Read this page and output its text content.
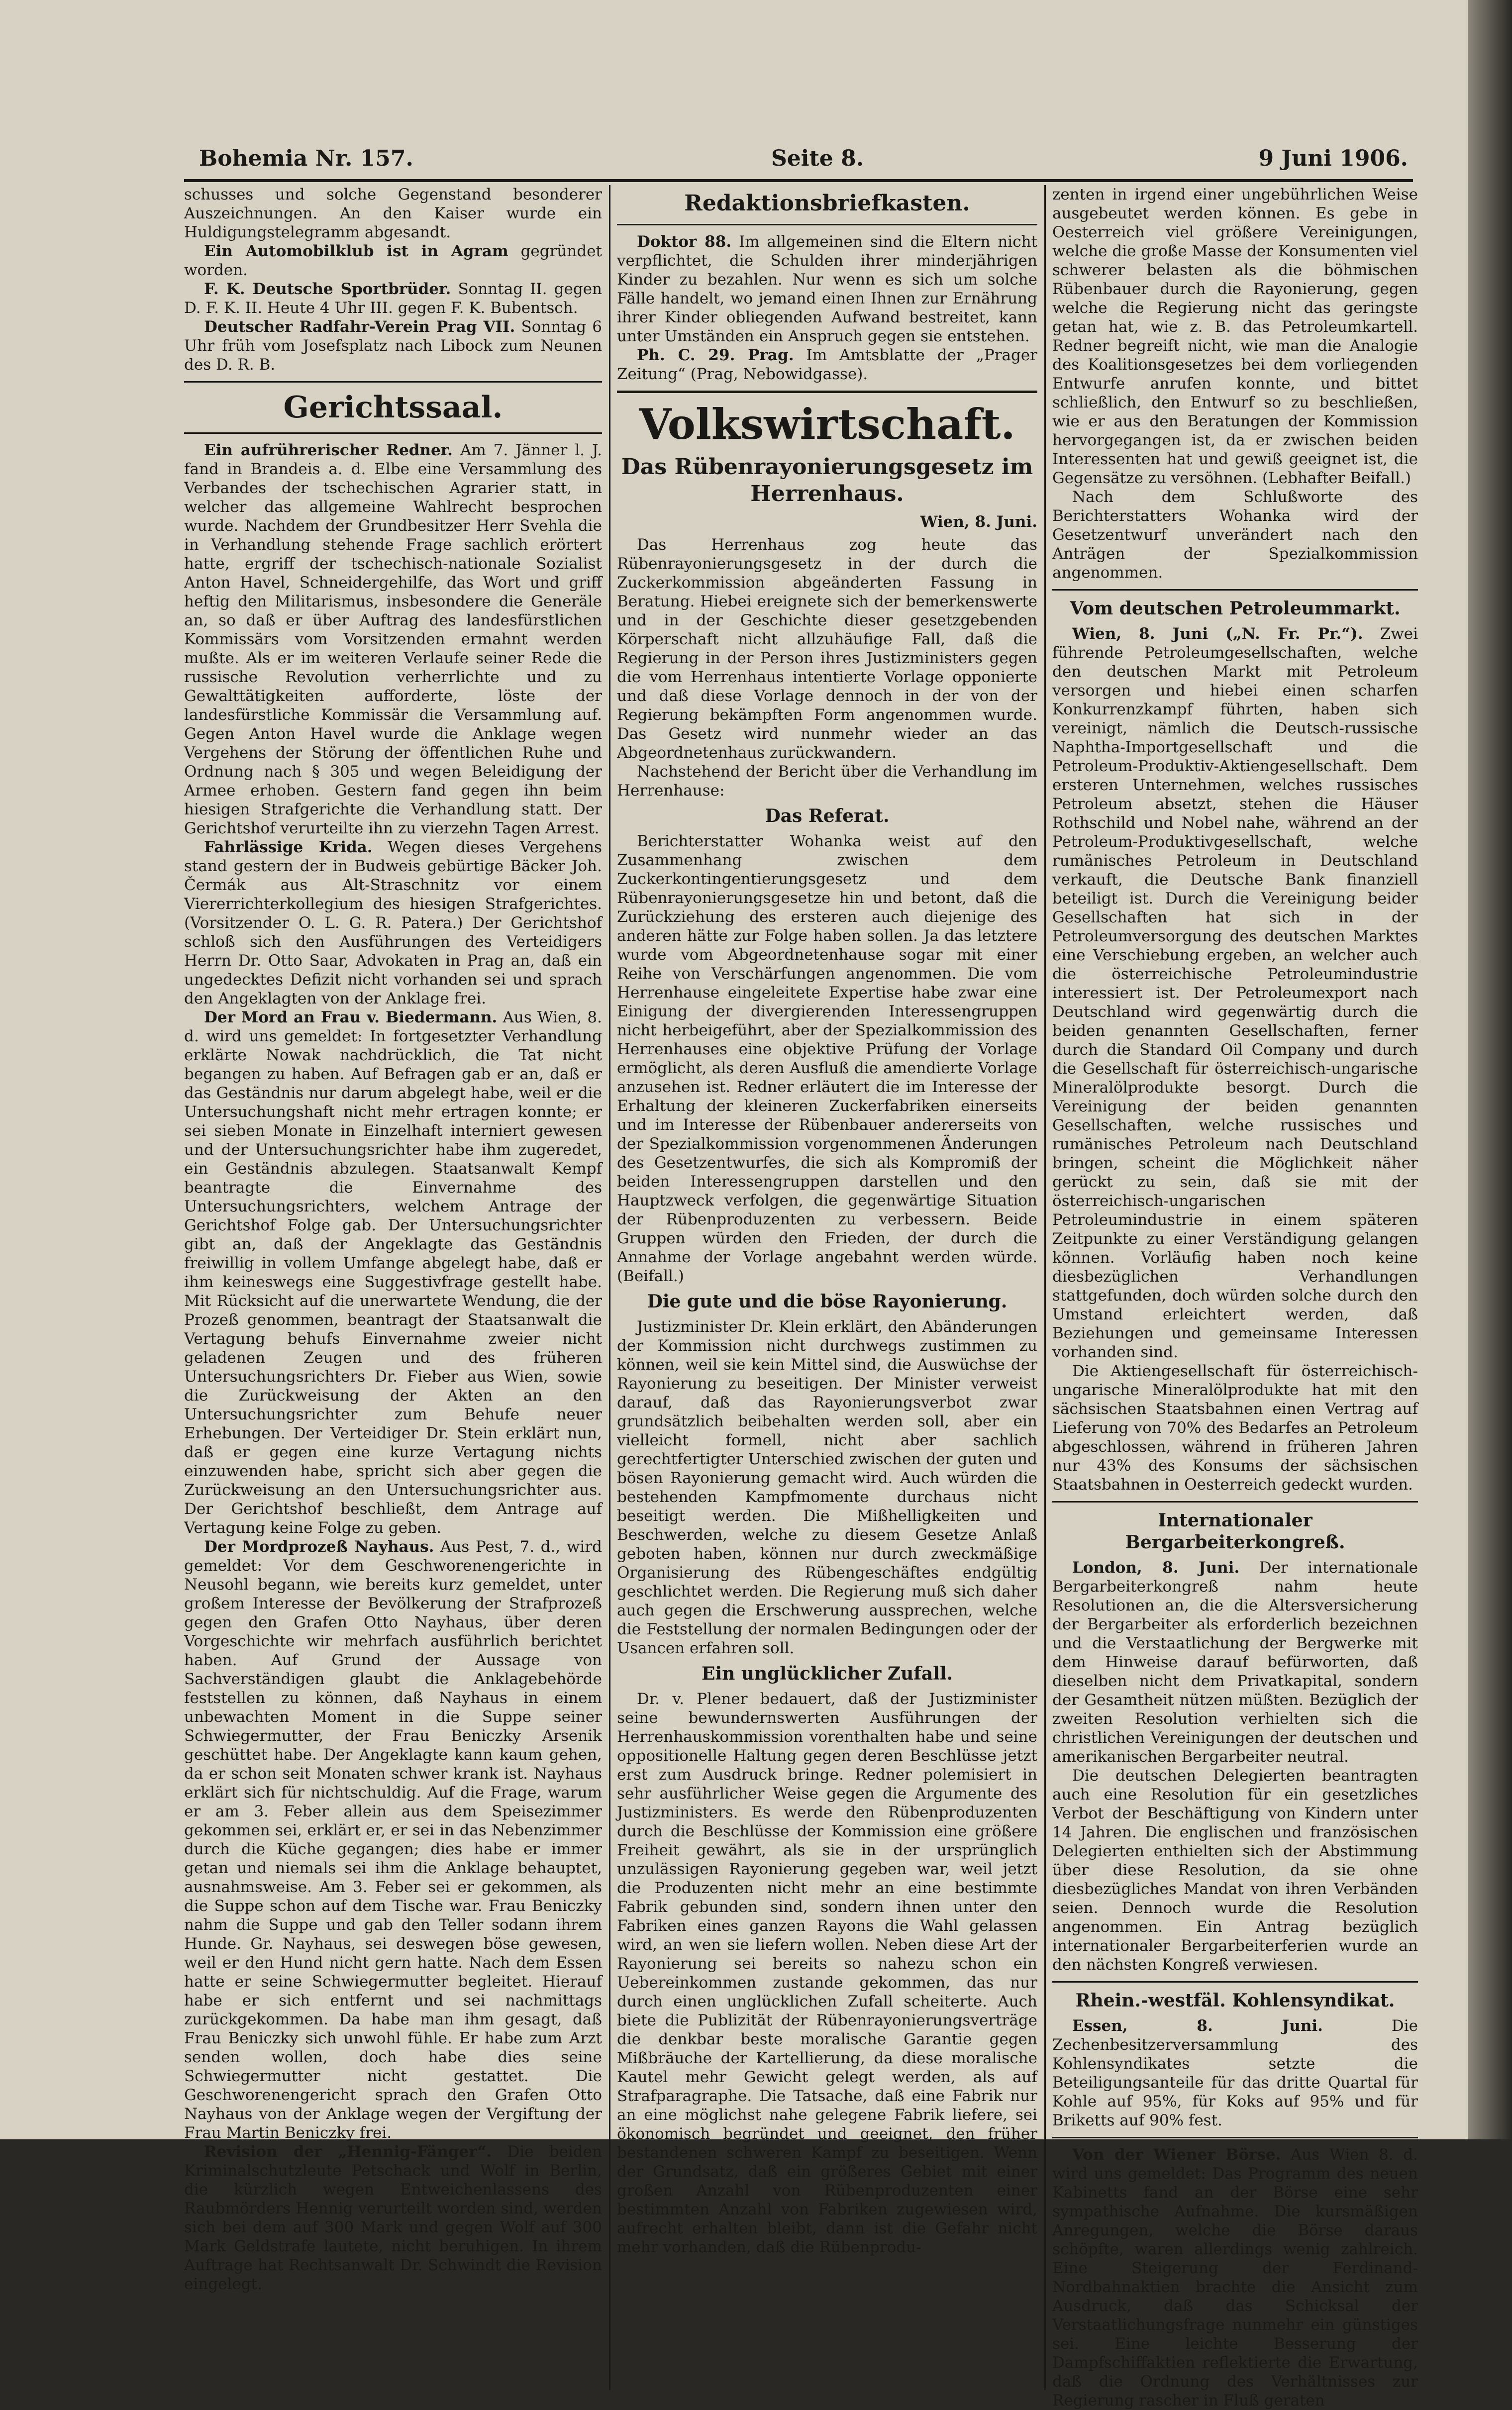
Bohemia Nr. 157.	Seite 8.	9 Juni 1906.

schusses und solche Gegenstand besonderer Auszeichnungen. An den Kaiser wurde ein Huldigungstelegramm abgesandt.

Ein Automobilklub ist in Agram gegründet worden.

F. K. Deutsche Sportbrüder. Sonntag II. gegen D. F. K. II. Heute 4 Uhr III. gegen F. K. Bubentsch.

Deutscher Radfahr-Verein Prag VII. Sonntag 6 Uhr früh vom Josefsplatz nach Libock zum Neunen des D. R. B.

Gerichtssaal.

Ein aufrührerischer Redner. Am 7. Jänner l. J. fand in Brandeis a. d. Elbe eine Versammlung des Verbandes der tschechischen Agrarier statt, in welcher das allgemeine Wahlrecht besprochen wurde. Nachdem der Grundbesitzer Herr Svehla die in Verhandlung stehende Frage sachlich erörtert hatte, ergriff der tschechisch-nationale Sozialist Anton Havel, Schneidergehilfe, das Wort und griff heftig den Militarismus, insbesondere die Generäle an, so daß er über Auftrag des landesfürstlichen Kommissärs vom Vorsitzenden ermahnt werden mußte. Als er im weiteren Verlaufe seiner Rede die russische Revolution verherrlichte und zu Gewalttätigkeiten aufforderte, löste der landesfürstliche Kommissär die Versammlung auf. Gegen Anton Havel wurde die Anklage wegen Vergehens der Störung der öffentlichen Ruhe und Ordnung nach § 305 und wegen Beleidigung der Armee erhoben. Gestern fand gegen ihn beim hiesigen Strafgerichte die Verhandlung statt. Der Gerichtshof verurteilte ihn zu vierzehn Tagen Arrest.

Fahrlässige Krida. Wegen dieses Vergehens stand gestern der in Budweis gebürtige Bäcker Joh. Čermák aus Alt-Straschnitz vor einem Viererrichterkollegium des hiesigen Strafgerichtes. (Vorsitzender O. L. G. R. Patera.) Der Gerichtshof schloß sich den Ausführungen des Verteidigers Herrn Dr. Otto Saar, Advokaten in Prag an, daß ein ungedecktes Defizit nicht vorhanden sei und sprach den Angeklagten von der Anklage frei.

Der Mord an Frau v. Biedermann. Aus Wien, 8. d. wird uns gemeldet: In fortgesetzter Verhandlung erklärte Nowak nachdrücklich, die Tat nicht begangen zu haben. Auf Befragen gab er an, daß er das Geständnis nur darum abgelegt habe, weil er die Untersuchungshaft nicht mehr ertragen konnte; er sei sieben Monate in Einzelhaft interniert gewesen und der Untersuchungsrichter habe ihm zugeredet, ein Geständnis abzulegen. Staatsanwalt Kempf beantragte die Einvernahme des Untersuchungsrichters, welchem Antrage der Gerichtshof Folge gab. Der Untersuchungsrichter gibt an, daß der Angeklagte das Geständnis freiwillig in vollem Umfange abgelegt habe, daß er ihm keineswegs eine Suggestivfrage gestellt habe. Mit Rücksicht auf die unerwartete Wendung, die der Prozeß genommen, beantragt der Staatsanwalt die Vertagung behufs Einvernahme zweier nicht geladenen Zeugen und des früheren Untersuchungsrichters Dr. Fieber aus Wien, sowie die Zurückweisung der Akten an den Untersuchungsrichter zum Behufe neuer Erhebungen. Der Verteidiger Dr. Stein erklärt nun, daß er gegen eine kurze Vertagung nichts einzuwenden habe, spricht sich aber gegen die Zurückweisung an den Untersuchungsrichter aus. Der Gerichtshof beschließt, dem Antrage auf Vertagung keine Folge zu geben.

Der Mordprozeß Nayhaus. Aus Pest, 7. d., wird gemeldet: Vor dem Geschworenengerichte in Neusohl begann, wie bereits kurz gemeldet, unter großem Interesse der Bevölkerung der Strafprozeß gegen den Grafen Otto Nayhaus, über deren Vorgeschichte wir mehrfach ausführlich berichtet haben. Auf Grund der Aussage von Sachverständigen glaubt die Anklagebehörde feststellen zu können, daß Nayhaus in einem unbewachten Moment in die Suppe seiner Schwiegermutter, der Frau Beniczky Arsenik geschüttet habe. Der Angeklagte kann kaum gehen, da er schon seit Monaten schwer krank ist. Nayhaus erklärt sich für nichtschuldig. Auf die Frage, warum er am 3. Feber allein aus dem Speisezimmer gekommen sei, erklärt er, er sei in das Nebenzimmer durch die Küche gegangen; dies habe er immer getan und niemals sei ihm die Anklage behauptet, ausnahmsweise. Am 3. Feber sei er gekommen, als die Suppe schon auf dem Tische war. Frau Beniczky nahm die Suppe und gab den Teller sodann ihrem Hunde. Gr. Nayhaus, sei deswegen böse gewesen, weil er den Hund nicht gern hatte. Nach dem Essen hatte er seine Schwiegermutter begleitet. Hierauf habe er sich entfernt und sei nachmittags zurückgekommen. Da habe man ihm gesagt, daß Frau Beniczky sich unwohl fühle. Er habe zum Arzt senden wollen, doch habe dies seine Schwiegermutter nicht gestattet. Die Geschworenengericht sprach den Grafen Otto Nayhaus von der Anklage wegen der Vergiftung der Frau Martin Beniczky frei.

Revision der „Hennig-Fänger“. Die beiden Kriminalschutzleute Petschack und Wolf in Berlin, die kürzlich wegen Entweichenlassens des Raubmörders Hennig verurteilt worden sind, werden sich bei dem auf 300 Mark und gegen Wolf auf 300 Mark Geldstrafe lautete, nicht beruhigen. In ihrem Auftrage hat Rechtsanwalt Dr. Schwindt die Revision eingelegt.

Redaktionsbriefkasten.

Doktor 88. Im allgemeinen sind die Eltern nicht verpflichtet, die Schulden ihrer minderjährigen Kinder zu bezahlen. Nur wenn es sich um solche Fälle handelt, wo jemand einen Ihnen zur Ernährung ihrer Kinder obliegenden Aufwand bestreitet, kann unter Umständen ein Anspruch gegen sie entstehen.

Ph. C. 29. Prag. Im Amtsblatte der „Prager Zeitung“ (Prag, Nebowidgasse).

Volkswirtschaft.
Das Rübenrayonierungsgesetz im Herrenhaus.
Wien, 8. Juni.

Das Herrenhaus zog heute das Rübenrayonierungsgesetz in der durch die Zuckerkommission abgeänderten Fassung in Beratung. Hiebei ereignete sich der bemerkenswerte und in der Geschichte dieser gesetzgebenden Körperschaft nicht allzuhäufige Fall, daß die Regierung in der Person ihres Justizministers gegen die vom Herrenhaus intentierte Vorlage opponierte und daß diese Vorlage dennoch in der von der Regierung bekämpften Form angenommen wurde. Das Gesetz wird nunmehr wieder an das Abgeordnetenhaus zurückwandern.

Nachstehend der Bericht über die Verhandlung im Herrenhause:

Das Referat.

Berichterstatter Wohanka weist auf den Zusammenhang zwischen dem Zuckerkontingentierungsgesetz und dem Rübenrayonierungsgesetze hin und betont, daß die Zurückziehung des ersteren auch diejenige des anderen hätte zur Folge haben sollen. Ja das letztere wurde vom Abgeordnetenhause sogar mit einer Reihe von Verschärfungen angenommen. Die vom Herrenhause eingeleitete Expertise habe zwar eine Einigung der divergierenden Interessengruppen nicht herbeigeführt, aber der Spezialkommission des Herrenhauses eine objektive Prüfung der Vorlage ermöglicht, als deren Ausfluß die amendierte Vorlage anzusehen ist. Redner erläutert die im Interesse der Erhaltung der kleineren Zuckerfabriken einerseits und im Interesse der Rübenbauer andererseits von der Spezialkommission vorgenommenen Änderungen des Gesetzentwurfes, die sich als Kompromiß der beiden Interessengruppen darstellen und den Hauptzweck verfolgen, die gegenwärtige Situation der Rübenproduzenten zu verbessern. Beide Gruppen würden den Frieden, der durch die Annahme der Vorlage angebahnt werden würde. (Beifall.)

Die gute und die böse Rayonierung.

Justizminister Dr. Klein erklärt, den Abänderungen der Kommission nicht durchwegs zustimmen zu können, weil sie kein Mittel sind, die Auswüchse der Rayonierung zu beseitigen. Der Minister verweist darauf, daß das Rayonierungsverbot zwar grundsätzlich beibehalten werden soll, aber ein vielleicht formell, nicht aber sachlich gerechtfertigter Unterschied zwischen der guten und bösen Rayonierung gemacht wird. Auch würden die bestehenden Kampfmomente durchaus nicht beseitigt werden. Die Mißhelligkeiten und Beschwerden, welche zu diesem Gesetze Anlaß geboten haben, können nur durch zweckmäßige Organisierung des Rübengeschäftes endgültig geschlichtet werden. Die Regierung muß sich daher auch gegen die Erschwerung aussprechen, welche die Feststellung der normalen Bedingungen oder der Usancen erfahren soll.

Ein unglücklicher Zufall.

Dr. v. Plener bedauert, daß der Justizminister seine bewundernswerten Ausführungen der Herrenhauskommission vorenthalten habe und seine oppositionelle Haltung gegen deren Beschlüsse jetzt erst zum Ausdruck bringe. Redner polemisiert in sehr ausführlicher Weise gegen die Argumente des Justizministers. Es werde den Rübenproduzenten durch die Beschlüsse der Kommission eine größere Freiheit gewährt, als sie in der ursprünglich unzulässigen Rayonierung gegeben war, weil jetzt die Produzenten nicht mehr an eine bestimmte Fabrik gebunden sind, sondern ihnen unter den Fabriken eines ganzen Rayons die Wahl gelassen wird, an wen sie liefern wollen. Neben diese Art der Rayonierung sei bereits so nahezu schon ein Uebereinkommen zustande gekommen, das nur durch einen unglücklichen Zufall scheiterte. Auch biete die Publizität der Rübenrayonierungsverträge die denkbar beste moralische Garantie gegen Mißbräuche der Kartellierung, da diese moralische Kautel mehr Gewicht gelegt werden, als auf Strafparagraphe. Die Tatsache, daß eine Fabrik nur an eine möglichst nahe gelegene Fabrik liefere, sei ökonomisch begründet und geeignet, den früher bestandenen schweren Kampf zu beseitigen. Wenn der Grundsatz, daß ein größeres Gebiet mit einer großen Anzahl von Rübenproduzenten einer bestimmten Anzahl von Fabriken zugewiesen wird, aufrecht erhalten bleibt, dann ist die Gefahr nicht mehr vorhanden, daß die Rübenprodu-

zenten in irgend einer ungebührlichen Weise ausgebeutet werden können. Es gebe in Oesterreich viel größere Vereinigungen, welche die große Masse der Konsumenten viel schwerer belasten als die böhmischen Rübenbauer durch die Rayonierung, gegen welche die Regierung nicht das geringste getan hat, wie z. B. das Petroleumkartell. Redner begreift nicht, wie man die Analogie des Koalitionsgesetzes bei dem vorliegenden Entwurfe anrufen konnte, und bittet schließlich, den Entwurf so zu beschließen, wie er aus den Beratungen der Kommission hervorgegangen ist, da er zwischen beiden Interessenten hat und gewiß geeignet ist, die Gegensätze zu versöhnen. (Lebhafter Beifall.)

Nach dem Schlußworte des Berichterstatters Wohanka wird der Gesetzentwurf unverändert nach den Anträgen der Spezialkommission angenommen.

Vom deutschen Petroleummarkt.

Wien, 8. Juni („N. Fr. Pr.“). Zwei führende Petroleumgesellschaften, welche den deutschen Markt mit Petroleum versorgen und hiebei einen scharfen Konkurrenzkampf führten, haben sich vereinigt, nämlich die Deutsch-russische Naphtha-Importgesellschaft und die Petroleum-Produktiv-Aktiengesellschaft. Dem ersteren Unternehmen, welches russisches Petroleum absetzt, stehen die Häuser Rothschild und Nobel nahe, während an der Petroleum-Produktivgesellschaft, welche rumänisches Petroleum in Deutschland verkauft, die Deutsche Bank finanziell beteiligt ist. Durch die Vereinigung beider Gesellschaften hat sich in der Petroleumversorgung des deutschen Marktes eine Verschiebung ergeben, an welcher auch die österreichische Petroleumindustrie interessiert ist. Der Petroleumexport nach Deutschland wird gegenwärtig durch die beiden genannten Gesellschaften, ferner durch die Standard Oil Company und durch die Gesellschaft für österreichisch-ungarische Mineralölprodukte besorgt. Durch die Vereinigung der beiden genannten Gesellschaften, welche russisches und rumänisches Petroleum nach Deutschland bringen, scheint die Möglichkeit näher gerückt zu sein, daß sie mit der österreichisch-ungarischen Petroleumindustrie in einem späteren Zeitpunkte zu einer Verständigung gelangen können. Vorläufig haben noch keine diesbezüglichen Verhandlungen stattgefunden, doch würden solche durch den Umstand erleichtert werden, daß Beziehungen und gemeinsame Interessen vorhanden sind.

Die Aktiengesellschaft für österreichisch-ungarische Mineralölprodukte hat mit den sächsischen Staatsbahnen einen Vertrag auf Lieferung von 70% des Bedarfes an Petroleum abgeschlossen, während in früheren Jahren nur 43% des Konsums der sächsischen Staatsbahnen in Oesterreich gedeckt wurden.

Internationaler Bergarbeiterkongreß.

London, 8. Juni. Der internationale Bergarbeiterkongreß nahm heute Resolutionen an, die die Altersversicherung der Bergarbeiter als erforderlich bezeichnen und die Verstaatlichung der Bergwerke mit dem Hinweise darauf befürworten, daß dieselben nicht dem Privatkapital, sondern der Gesamtheit nützen müßten. Bezüglich der zweiten Resolution verhielten sich die christlichen Vereinigungen der deutschen und amerikanischen Bergarbeiter neutral.

Die deutschen Delegierten beantragten auch eine Resolution für ein gesetzliches Verbot der Beschäftigung von Kindern unter 14 Jahren. Die englischen und französischen Delegierten enthielten sich der Abstimmung über diese Resolution, da sie ohne diesbezügliches Mandat von ihren Verbänden seien. Dennoch wurde die Resolution angenommen. Ein Antrag bezüglich internationaler Bergarbeiterferien wurde an den nächsten Kongreß verwiesen.

Rhein.-westfäl. Kohlensyndikat.

Essen, 8. Juni.	Die Zechenbesitzerversammlung des Kohlensyndikates setzte die Beteiligungsanteile für das dritte Quartal für Kohle auf 95%, für Koks auf 95% und für Briketts auf 90% fest.

Von der Wiener Börse. Aus Wien 8. d. wird uns gemeldet: Das Programm des neuen Kabinetts fand an der Börse eine sehr sympathische Aufnahme. Die kursmäßigen Anregungen, welche die Börse daraus schöpfte, waren allerdings wenig zahlreich. Eine Steigerung der Ferdinand-Nordbahnaktien brachte die Ansicht zum Ausdruck, daß das Schicksal der Verstaatlichungsfrage nunmehr ein günstiges sei. Eine leichte Besserung der Dampfschiffaktien reflektierte die Erwartung, daß die Ordnung des Verhältnisses zur Regierung rascher in Fluß geraten
